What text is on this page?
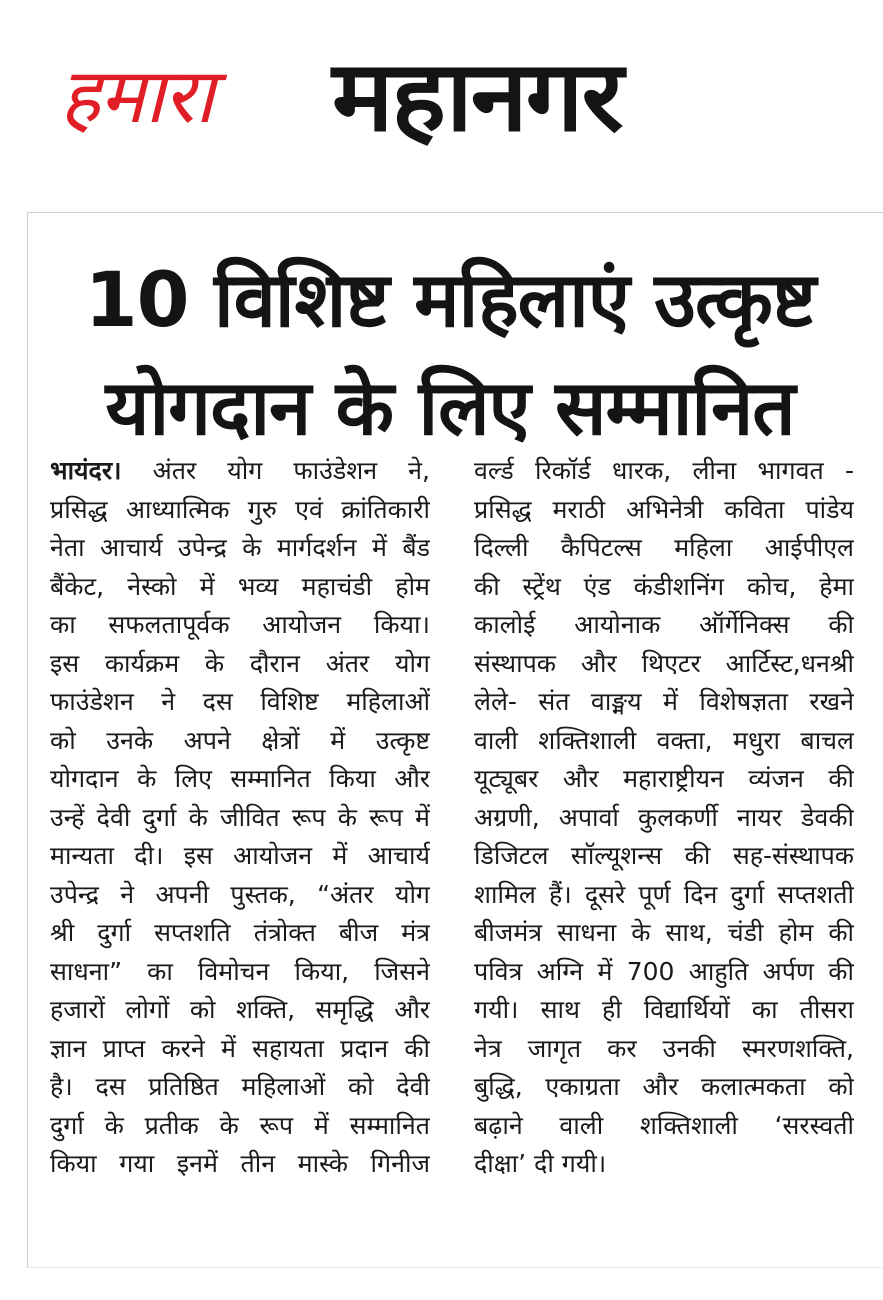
हमारा महानगर
10 विशिष्ट महिलाएं उत्कृष्ट
योगदान के लिए सम्मानित
भायंदर। अंतर योग फाउंडेशन ने,
प्रसिद्ध आध्यात्मिक गुरु एवं क्रांतिकारी
नेता आचार्य उपेन्द्र के मार्गदर्शन में बैंड
बैंकेट, नेस्को में भव्य महाचंडी होम
का सफलतापूर्वक आयोजन किया।
इस कार्यक्रम के दौरान अंतर योग
फाउंडेशन ने दस विशिष्ट महिलाओं
को उनके अपने क्षेत्रों में उत्कृष्ट
योगदान के लिए सम्मानित किया और
उन्हें देवी दुर्गा के जीवित रूप के रूप में
मान्यता दी। इस आयोजन में आचार्य
उपेन्द्र ने अपनी पुस्तक, “अंतर योग
श्री दुर्गा सप्तशति तंत्रोक्त बीज मंत्र
साधना” का विमोचन किया, जिसने
हजारों लोगों को शक्ति, समृद्धि और
ज्ञान प्राप्त करने में सहायता प्रदान की
है। दस प्रतिष्ठित महिलाओं को देवी
दुर्गा के प्रतीक के रूप में सम्मानित
किया गया इनमें तीन मास्के गिनीज
वर्ल्ड रिकॉर्ड धारक, लीना भागवत -
प्रसिद्ध मराठी अभिनेत्री कविता पांडेय
दिल्ली कैपिटल्स महिला आईपीएल
की स्ट्रेंथ एंड कंडीशनिंग कोच, हेमा
कालोई आयोनाक ऑर्गेनिक्स की
संस्थापक और थिएटर आर्टिस्ट,धनश्री
लेले- संत वाङ्मय में विशेषज्ञता रखने
वाली शक्तिशाली वक्ता, मधुरा बाचल
यूट्यूबर और महाराष्ट्रीयन व्यंजन की
अग्रणी, अपार्वा कुलकर्णी नायर डेवकी
डिजिटल सॉल्यूशन्स की सह-संस्थापक
शामिल हैं। दूसरे पूर्ण दिन दुर्गा सप्तशती
बीजमंत्र साधना के साथ, चंडी होम की
पवित्र अग्नि में 700 आहुति अर्पण की
गयी। साथ ही विद्यार्थियों का तीसरा
नेत्र जागृत कर उनकी स्मरणशक्ति,
बुद्धि, एकाग्रता और कलात्मकता को
बढ़ाने वाली शक्तिशाली ‘सरस्वती
दीक्षा’ दी गयी।
